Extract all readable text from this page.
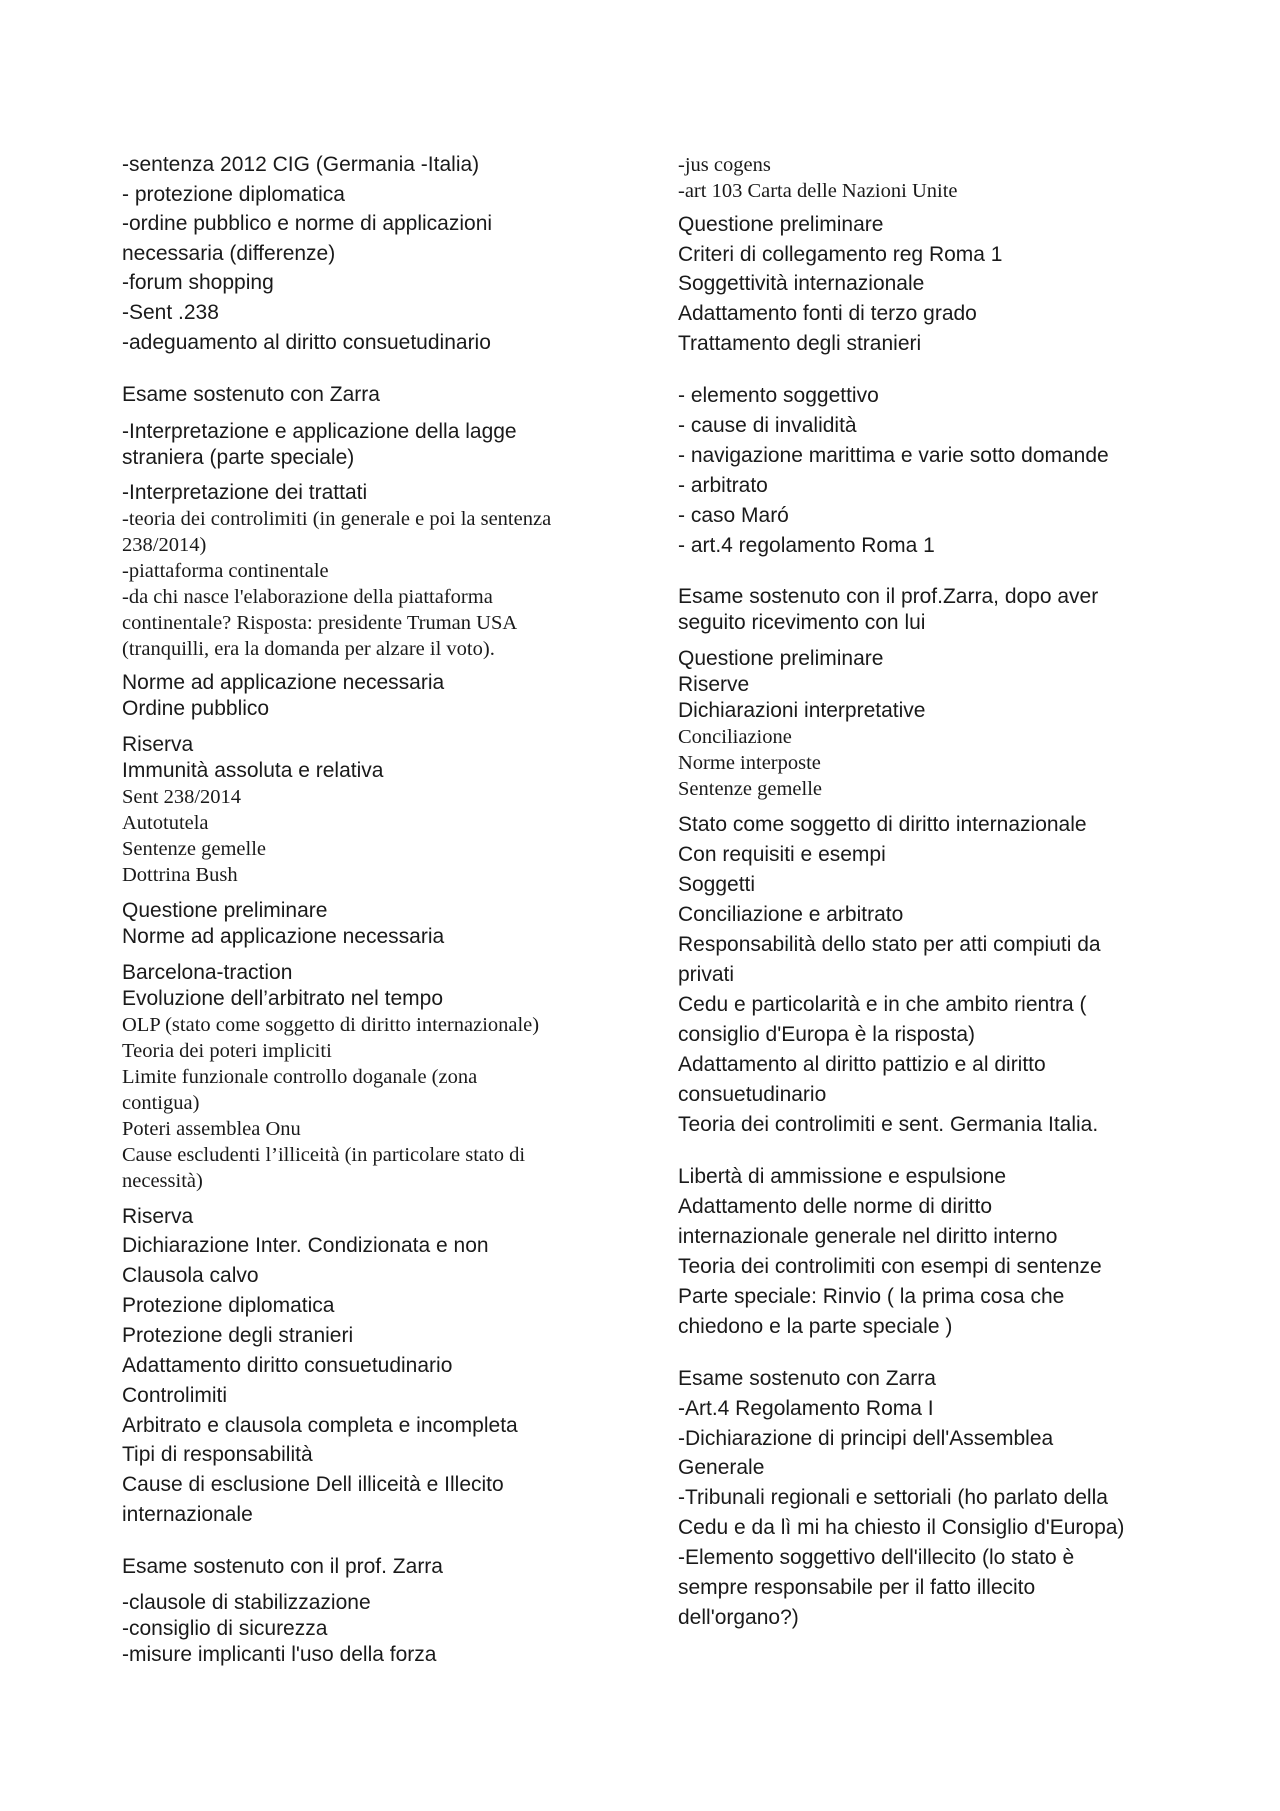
-sentenza 2012 CIG (Germania -Italia)
- protezione diplomatica
-ordine pubblico e norme di applicazioni
necessaria (differenze)
-forum shopping
-Sent .238
-adeguamento al diritto consuetudinario
Esame sostenuto con Zarra
-Interpretazione e applicazione della lagge
straniera (parte speciale)
-Interpretazione dei trattati
-teoria dei controlimiti (in generale e poi la sentenza
238/2014)
-piattaforma continentale
-da chi nasce l'elaborazione della piattaforma
continentale? Risposta: presidente Truman USA
(tranquilli, era la domanda per alzare il voto).
Norme ad applicazione necessaria
Ordine pubblico
Riserva
Immunità assoluta e relativa
Sent 238/2014
Autotutela
Sentenze gemelle
Dottrina Bush
Questione preliminare
Norme ad applicazione necessaria
Barcelona-traction
Evoluzione dell’arbitrato nel tempo
OLP (stato come soggetto di diritto internazionale)
Teoria dei poteri impliciti
Limite funzionale controllo doganale (zona
contigua)
Poteri assemblea Onu
Cause escludenti l’illiceità (in particolare stato di
necessità)
Riserva
Dichiarazione Inter. Condizionata e non
Clausola calvo
Protezione diplomatica
Protezione degli stranieri
Adattamento diritto consuetudinario
Controlimiti
Arbitrato e clausola completa e incompleta
Tipi di responsabilità
Cause di esclusione Dell illiceità e Illecito
internazionale
Esame sostenuto con il prof. Zarra
-clausole di stabilizzazione
-consiglio di sicurezza
-misure implicanti l'uso della forza
-jus cogens
-art 103 Carta delle Nazioni Unite
Questione preliminare
Criteri di collegamento reg Roma 1
Soggettività internazionale
Adattamento fonti di terzo grado
Trattamento degli stranieri
- elemento soggettivo
- cause di invalidità
- navigazione marittima e varie sotto domande
- arbitrato
- caso Maró
- art.4 regolamento Roma 1
Esame sostenuto con il prof.Zarra, dopo aver
seguito ricevimento con lui
Questione preliminare
Riserve
Dichiarazioni interpretative
Conciliazione
Norme interposte
Sentenze gemelle
Stato come soggetto di diritto internazionale
Con requisiti e esempi
Soggetti
Conciliazione e arbitrato
Responsabilità dello stato per atti compiuti da
privati
Cedu e particolarità e in che ambito rientra (
consiglio d'Europa è la risposta)
Adattamento al diritto pattizio e al diritto
consuetudinario
Teoria dei controlimiti e sent. Germania Italia.
Libertà di ammissione e espulsione
Adattamento delle norme di diritto
internazionale generale nel diritto interno
Teoria dei controlimiti con esempi di sentenze
Parte speciale: Rinvio ( la prima cosa che
chiedono e la parte speciale )
Esame sostenuto con Zarra
-Art.4 Regolamento Roma I
-Dichiarazione di principi dell'Assemblea
Generale
-Tribunali regionali e settoriali (ho parlato della
Cedu e da lì mi ha chiesto il Consiglio d'Europa)
-Elemento soggettivo dell'illecito (lo stato è
sempre responsabile per il fatto illecito
dell'organo?)
